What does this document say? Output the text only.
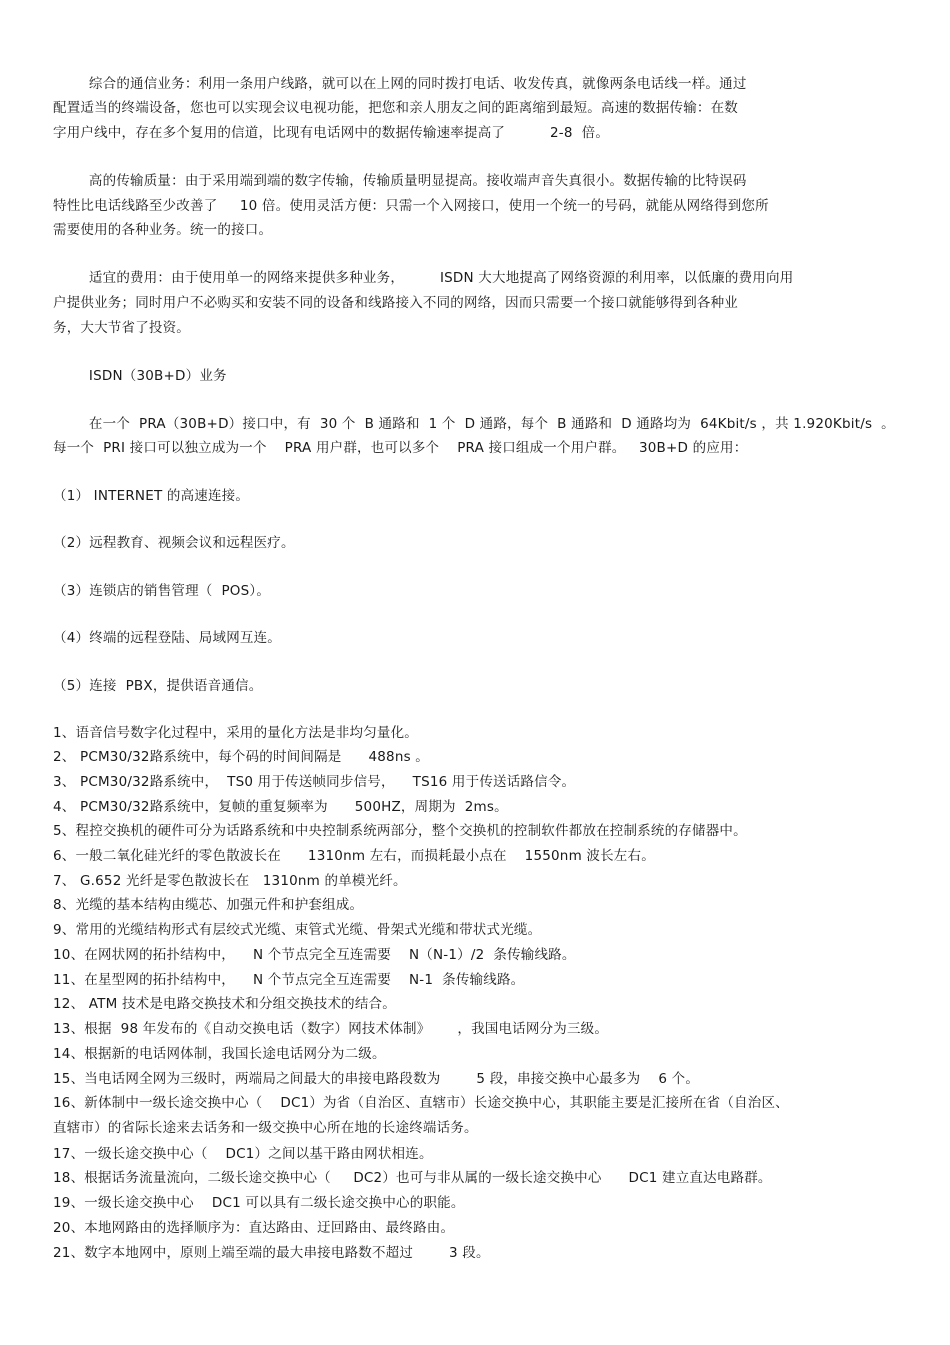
综合的通信业务：利用一条用户线路，就可以在上网的同时拨打电话、收发传真，就像两条电话线一样。通过
配置适当的终端设备，您也可以实现会议电视功能，把您和亲人朋友之间的距离缩到最短。高速的数据传输：在数
字用户线中，存在多个复用的信道，比现有电话网中的数据传输速率提高了          2-8  倍。
高的传输质量：由于采用端到端的数字传输，传输质量明显提高。接收端声音失真很小。数据传输的比特误码
特性比电话线路至少改善了     10 倍。使用灵活方便：只需一个入网接口，使用一个统一的号码，就能从网络得到您所
需要使用的各种业务。统一的接口。
适宜的费用：由于使用单一的网络来提供多种业务，        ISDN 大大地提高了网络资源的利用率，以低廉的费用向用
户提供业务；同时用户不必购买和安装不同的设备和线路接入不同的网络，因而只需要一个接口就能够得到各种业
务，大大节省了投资。
ISDN（30B+D）业务
在一个  PRA（30B+D）接口中，有  30 个  B 通路和  1 个  D 通路，每个  B 通路和  D 通路均为  64Kbit/s ，共 1.920Kbit/s  。
每一个  PRI 接口可以独立成为一个    PRA 用户群，也可以多个    PRA 接口组成一个用户群。   30B+D 的应用：
（1） INTERNET 的高速连接。
（2）远程教育、视频会议和远程医疗。
（3）连锁店的销售管理（  POS）。
（4）终端的远程登陆、局域网互连。
（5）连接  PBX，提供语音通信。
1、语音信号数字化过程中，采用的量化方法是非均匀量化。
2、 PCM30/32路系统中，每个码的时间间隔是      488ns 。
3、 PCM30/32路系统中，  TS0 用于传送帧同步信号，    TS16 用于传送话路信令。
4、 PCM30/32路系统中，复帧的重复频率为      500HZ，周期为  2ms。
5、程控交换机的硬件可分为话路系统和中央控制系统两部分，整个交换机的控制软件都放在控制系统的存储器中。
6、一般二氧化硅光纤的零色散波长在      1310nm 左右，而损耗最小点在    1550nm 波长左右。
7、 G.652 光纤是零色散波长在   1310nm 的单模光纤。
8、光缆的基本结构由缆芯、加强元件和护套组成。
9、常用的光缆结构形式有层绞式光缆、束管式光缆、骨架式光缆和带状式光缆。
10、在网状网的拓扑结构中，    N 个节点完全互连需要    N（N-1）/2  条传输线路。
11、在星型网的拓扑结构中，    N 个节点完全互连需要    N-1  条传输线路。
12、 ATM 技术是电路交换技术和分组交换技术的结合。
13、根据  98 年发布的《自动交换电话（数字）网技术体制》      ，我国电话网分为三级。
14、根据新的电话网体制，我国长途电话网分为二级。
15、当电话网全网为三级时，两端局之间最大的串接电路段数为        5 段，串接交换中心最多为    6 个。
16、新体制中一级长途交换中心（    DC1）为省（自治区、直辖市）长途交换中心，其职能主要是汇接所在省（自治区、
直辖市）的省际长途来去话务和一级交换中心所在地的长途终端话务。
17、一级长途交换中心（    DC1）之间以基干路由网状相连。
18、根据话务流量流向，二级长途交换中心（     DC2）也可与非从属的一级长途交换中心      DC1 建立直达电路群。
19、一级长途交换中心    DC1 可以具有二级长途交换中心的职能。
20、本地网路由的选择顺序为：直达路由、迂回路由、最终路由。
21、数字本地网中，原则上端至端的最大串接电路数不超过        3 段。
